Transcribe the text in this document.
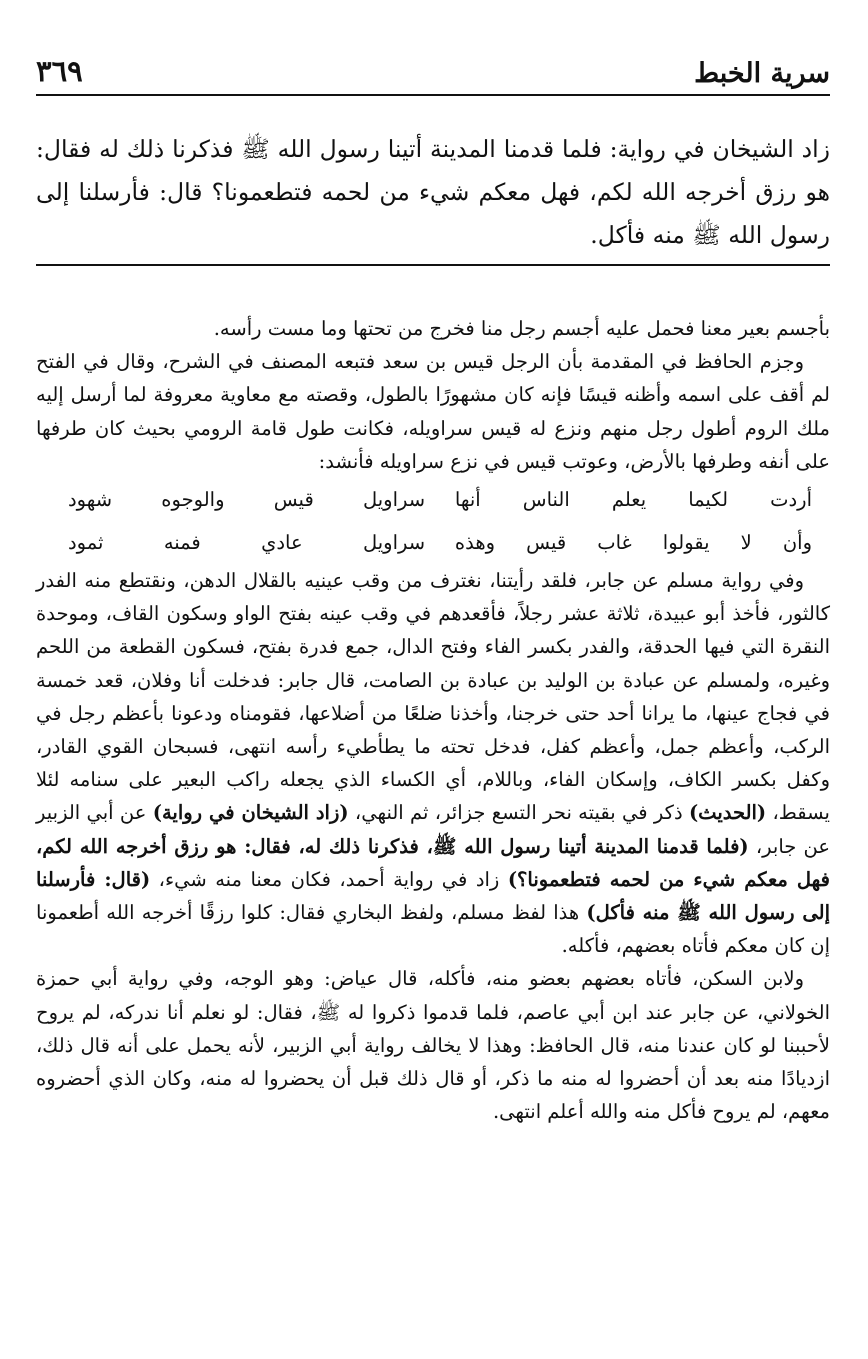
سرية الخبط
٣٦٩

زاد الشيخان في رواية: فلما قدمنا المدينة أتينا رسول الله ﷺ فذكرنا ذلك له فقال: هو رزق أخرجه الله لكم، فهل معكم شيء من لحمه فتطعمونا؟ قال: فأرسلنا إلى رسول الله ﷺ منه فأكل.

بأجسم بعير معنا فحمل عليه أجسم رجل منا فخرج من تحتها وما مست رأسه.

وجزم الحافظ في المقدمة بأن الرجل قيس بن سعد فتبعه المصنف في الشرح، وقال في الفتح لم أقف على اسمه وأظنه قيسًا فإنه كان مشهورًا بالطول، وقصته مع معاوية معروفة لما أرسل إليه ملك الروم أطول رجل منهم ونزع له قيس سراويله، فكانت طول قامة الرومي بحيث كان طرفها على أنفه وطرفها بالأرض، وعوتب قيس في نزع سراويله فأنشد:

أردت لكيما يعلم الناس أنها
سراويل قيس والوجوه شهود
وأن لا يقولوا غاب قيس وهذه
سراويل عادي فمنه ثمود

وفي رواية مسلم عن جابر، فلقد رأيتنا، نغترف من وقب عينيه بالقلال الدهن، ونقتطع منه الفدر كالثور، فأخذ أبو عبيدة، ثلاثة عشر رجلاً، فأقعدهم في وقب عينه بفتح الواو وسكون القاف، وموحدة النقرة التي فيها الحدقة، والفدر بكسر الفاء وفتح الدال، جمع فدرة بفتح، فسكون القطعة من اللحم وغيره، ولمسلم عن عبادة بن الوليد بن عبادة بن الصامت، قال جابر: فدخلت أنا وفلان، قعد خمسة في فجاج عينها، ما يرانا أحد حتى خرجنا، وأخذنا ضلعًا من أضلاعها، فقومناه ودعونا بأعظم رجل في الركب، وأعظم جمل، وأعظم كفل، فدخل تحته ما يطأطيء رأسه انتهى، فسبحان القوي القادر، وكفل بكسر الكاف، وإسكان الفاء، وباللام، أي الكساء الذي يجعله راكب البعير على سنامه لئلا يسقط، (الحديث) ذكر في بقيته نحر التسع جزائر، ثم النهي، (زاد الشيخان في رواية) عن أبي الزبير عن جابر، (فلما قدمنا المدينة أتينا رسول الله ﷺ، فذكرنا ذلك له، فقال: هو رزق أخرجه الله لكم، فهل معكم شيء من لحمه فتطعمونا؟) زاد في رواية أحمد، فكان معنا منه شيء، (قال: فأرسلنا إلى رسول الله ﷺ منه فأكل) هذا لفظ مسلم، ولفظ البخاري فقال: كلوا رزقًا أخرجه الله أطعمونا إن كان معكم فأتاه بعضهم، فأكله.

ولابن السكن، فأتاه بعضهم بعضو منه، فأكله، قال عياض: وهو الوجه، وفي رواية أبي حمزة الخولاني، عن جابر عند ابن أبي عاصم، فلما قدموا ذكروا له ﷺ، فقال: لو نعلم أنا ندركه، لم يروح لأحببنا لو كان عندنا منه، قال الحافظ: وهذا لا يخالف رواية أبي الزبير، لأنه يحمل على أنه قال ذلك، ازديادًا منه بعد أن أحضروا له منه ما ذكر، أو قال ذلك قبل أن يحضروا له منه، وكان الذي أحضروه معهم، لم يروح فأكل منه والله أعلم انتهى.
